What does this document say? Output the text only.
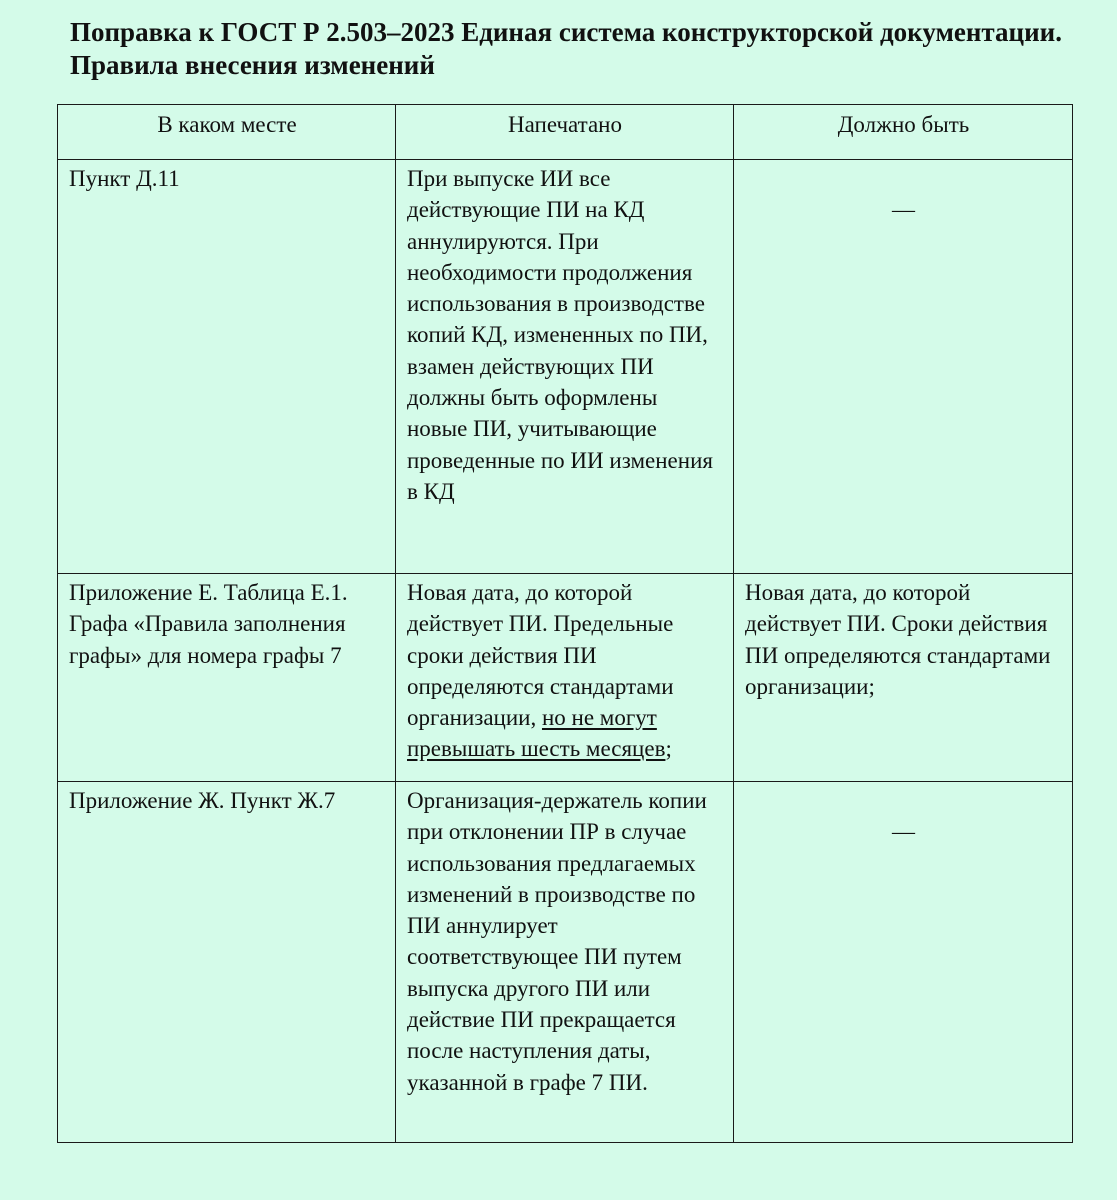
Поправка к ГОСТ Р 2.503–2023 Единая система конструкторской документации. Правила внесения изменений
В каком месте	Напечатано	Должно быть
Пункт Д.11	При выпуске ИИ все действующие ПИ на КД аннулируются. При необходимости продолжения использования в производстве копий КД, измененных по ПИ, взамен действующих ПИ должны быть оформлены новые ПИ, учитывающие проведенные по ИИ изменения в КД	—

Приложение Е. Таблица Е.1. Графа «Правила заполнения графы» для номера графы 7	Новая дата, до которой действует ПИ. Предельные сроки действия ПИ определяются стандартами организации, но не могут превышать шесть месяцев;	Новая дата, до которой действует ПИ. Сроки действия ПИ определяются стандартами организации;
Приложение Ж. Пункт Ж.7	Организация-держатель копии при отклонении ПР в случае использования предлагаемых изменений в производстве по ПИ аннулирует соответствующее ПИ путем выпуска другого ПИ или действие ПИ прекращается после наступления даты, указанной в графе 7 ПИ.	—
